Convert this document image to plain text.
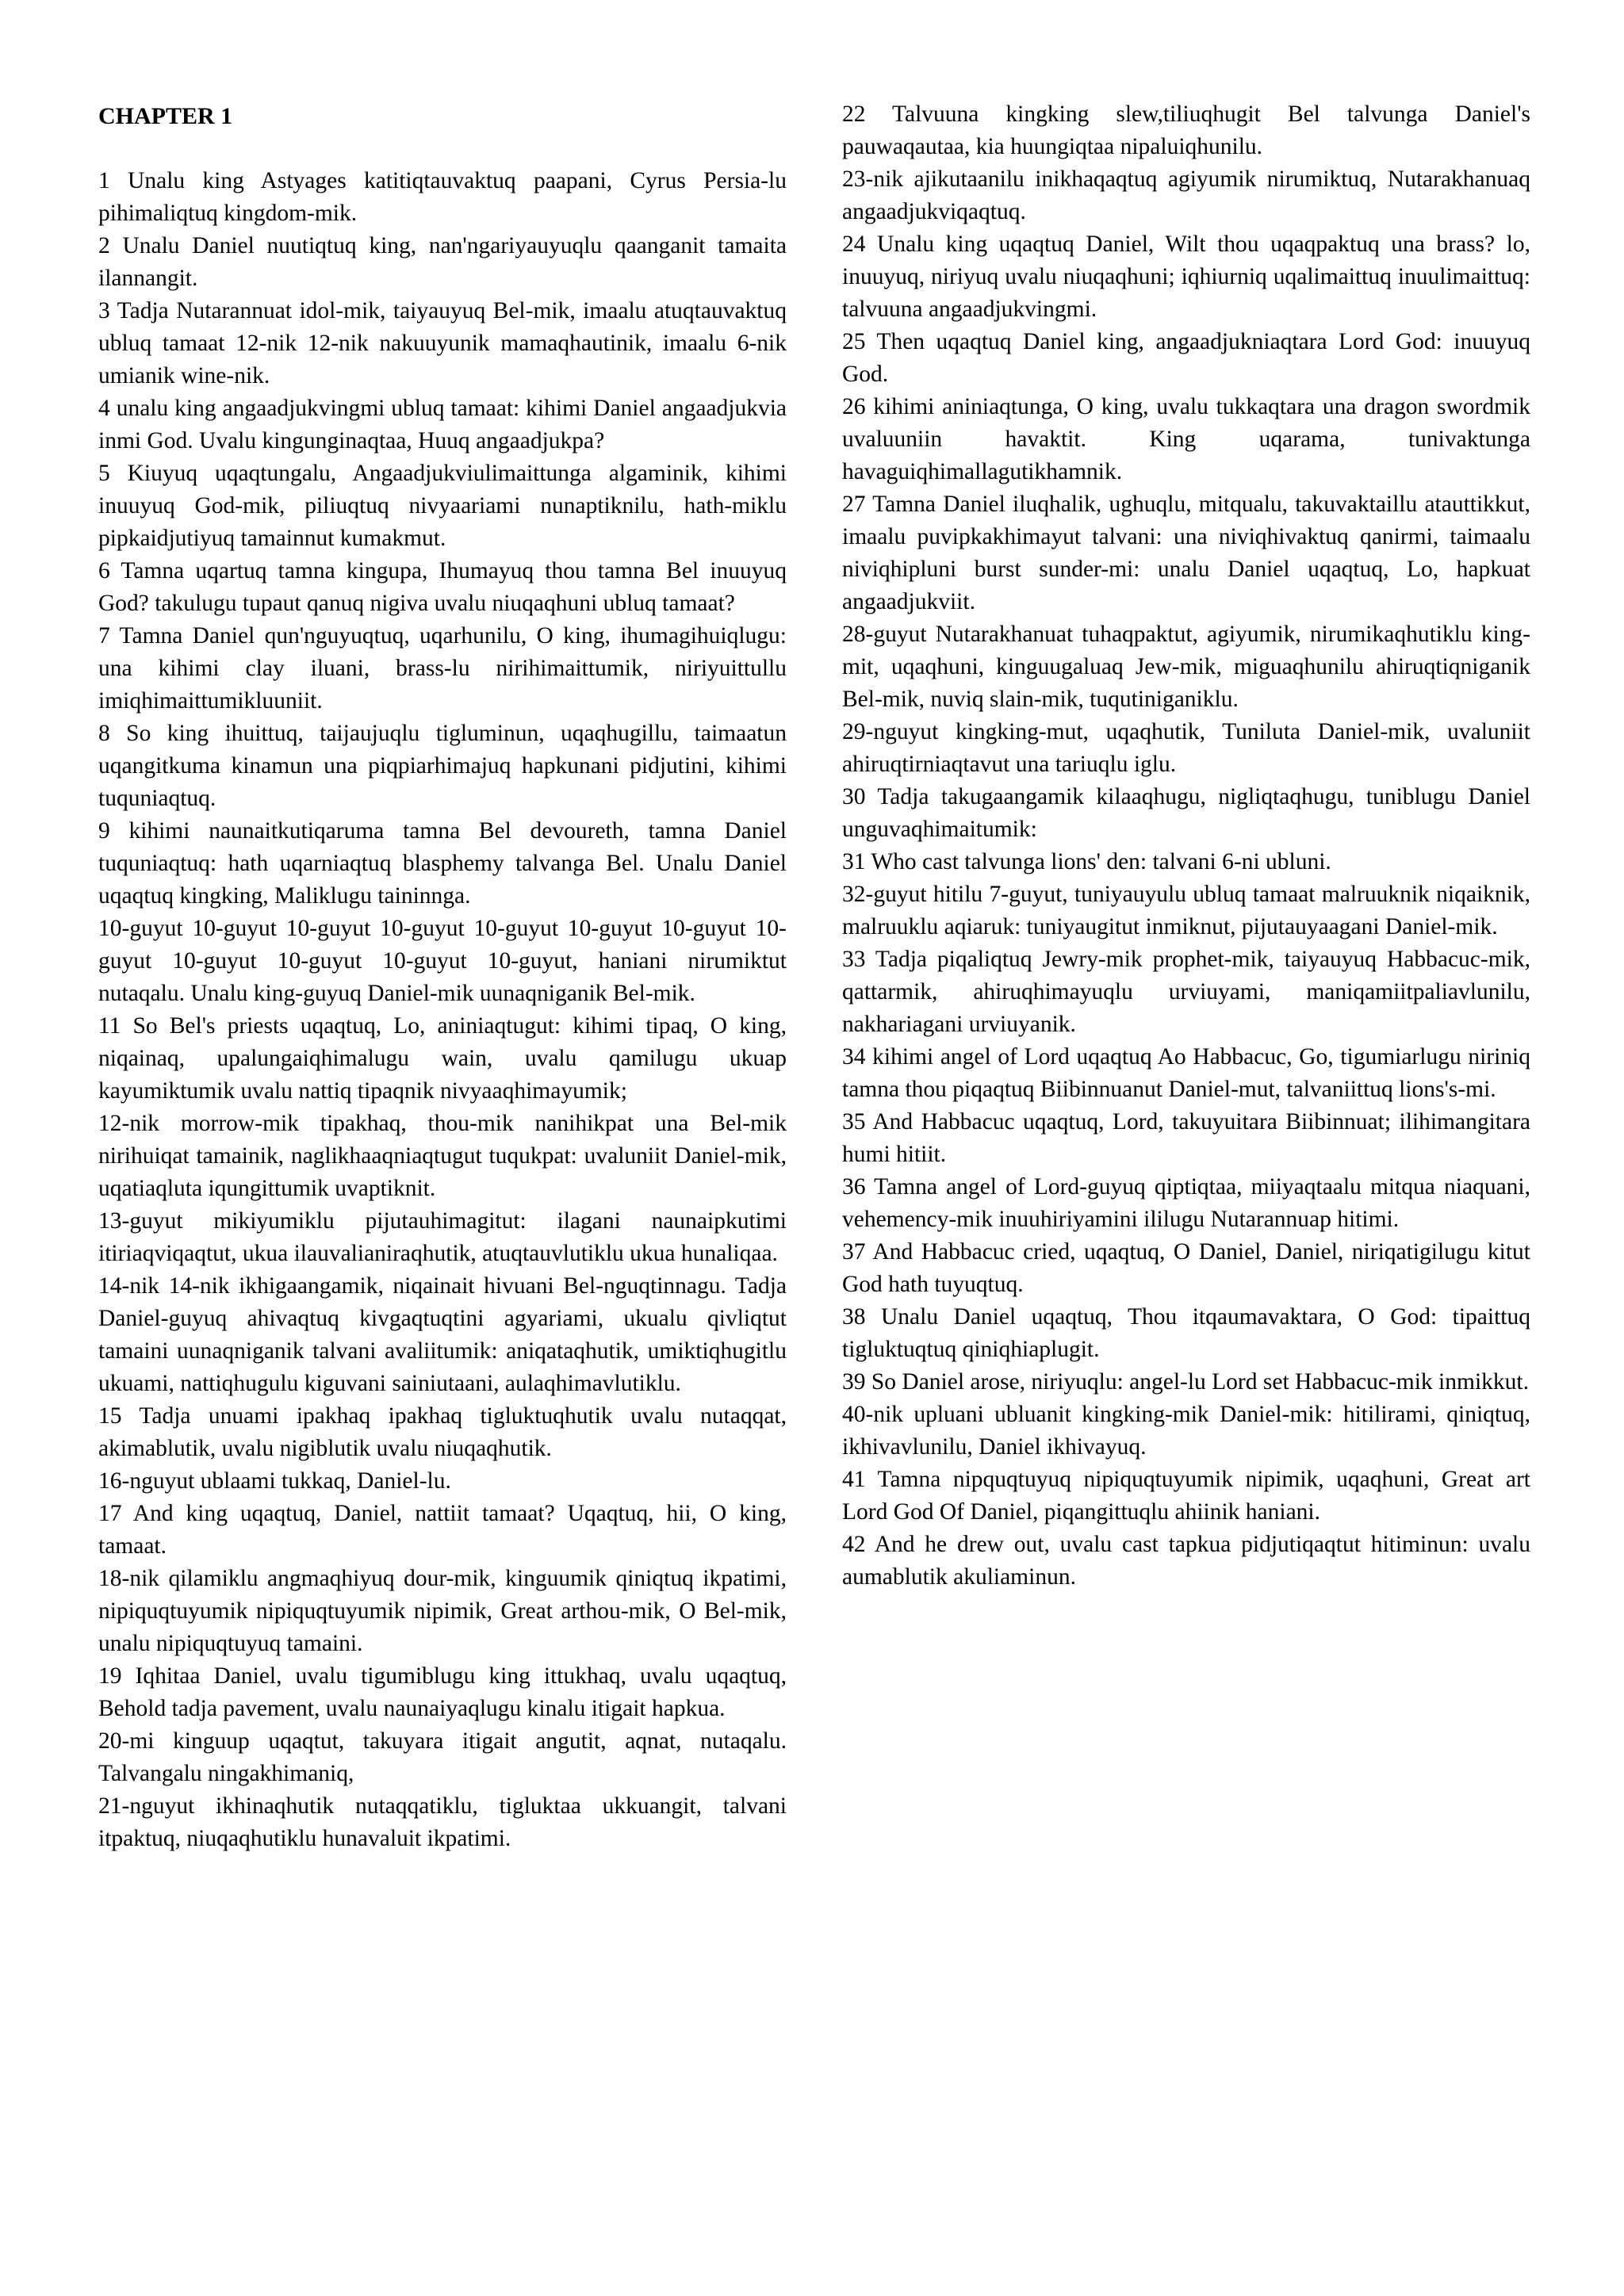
CHAPTER 1

1 Unalu king Astyages katitiqtauvaktuq paapani, Cyrus Persia-lu pihimaliqtuq kingdom-mik.

2 Unalu Daniel nuutiqtuq king, nan'ngariyauyuqlu qaanganit tamaita ilannangit.

3 Tadja Nutarannuat idol-mik, taiyauyuq Bel-mik, imaalu atuqtauvaktuq ubluq tamaat 12-nik 12-nik nakuuyunik mamaqhautinik, imaalu 6-nik umianik wine-nik.

4 unalu king angaadjukvingmi ubluq tamaat: kihimi Daniel angaadjukvia inmi God. Uvalu kingunginaqtaa, Huuq angaadjukpa?

5 Kiuyuq uqaqtungalu, Angaadjukviulimaittunga algaminik, kihimi inuuyuq God-mik, piliuqtuq nivyaariami nunaptiknilu, hath-miklu pipkaidjutiyuq tamainnut kumakmut.

6 Tamna uqartuq tamna kingupa, Ihumayuq thou tamna Bel inuuyuq God? takulugu tupaut qanuq nigiva uvalu niuqaqhuni ubluq tamaat?

7 Tamna Daniel qun'nguyuqtuq, uqarhunilu, O king, ihumagihuiqlugu: una kihimi clay iluani, brass-lu nirihimaittumik, niriyuittullu imiqhimaittumikluuniit.

8 So king ihuittuq, taijaujuqlu tigluminun, uqaqhugillu, taimaatun uqangitkuma kinamun una piqpiarhimajuq hapkunani pidjutini, kihimi tuquniaqtuq.

9 kihimi naunaitkutiqaruma tamna Bel devoureth, tamna Daniel tuquniaqtuq: hath uqarniaqtuq blasphemy talvanga Bel. Unalu Daniel uqaqtuq kingking, Maliklugu taininnga.

10-guyut 10-guyut 10-guyut 10-guyut 10-guyut 10-guyut 10-guyut 10-guyut 10-guyut 10-guyut 10-guyut 10-guyut, haniani nirumiktut nutaqalu. Unalu king-guyuq Daniel-mik uunaqniganik Bel-mik.

11 So Bel's priests uqaqtuq, Lo, aniniaqtugut: kihimi tipaq, O king, niqainaq, upalungaiqhimalugu wain, uvalu qamilugu ukuap kayumiktumik uvalu nattiq tipaqnik nivyaaqhimayumik;

12-nik morrow-mik tipakhaq, thou-mik nanihikpat una Bel-mik nirihuiqat tamainik, naglikhaaqniaqtugut tuqukpat: uvaluniit Daniel-mik, uqatiaqluta iqungittumik uvaptiknit.

13-guyut mikiyumiklu pijutauhimagitut: ilagani naunaipkutimi itiriaqviqaqtut, ukua ilauvalianiraqhutik, atuqtauvlutiklu ukua hunaliqaa.

14-nik 14-nik ikhigaangamik, niqainait hivuani Bel-nguqtinnagu. Tadja Daniel-guyuq ahivaqtuq kivgaqtuqtini agyariami, ukualu qivliqtut tamaini uunaqniganik talvani avaliitumik: aniqataqhutik, umiktiqhugitlu ukuami, nattiqhugulu kiguvani sainiutaani, aulaqhimavlutiklu.

15 Tadja unuami ipakhaq ipakhaq tigluktuqhutik uvalu nutaqqat, akimablutik, uvalu nigiblutik uvalu niuqaqhutik.

16-nguyut ublaami tukkaq, Daniel-lu.

17 And king uqaqtuq, Daniel, nattiit tamaat? Uqaqtuq, hii, O king, tamaat.

18-nik qilamiklu angmaqhiyuq dour-mik, kinguumik qiniqtuq ikpatimi, nipiquqtuyumik nipiquqtuyumik nipimik, Great arthou-mik, O Bel-mik, unalu nipiquqtuyuq tamaini.

19 Iqhitaa Daniel, uvalu tigumiblugu king ittukhaq, uvalu uqaqtuq, Behold tadja pavement, uvalu naunaiyaqlugu kinalu itigait hapkua.

20-mi kinguup uqaqtut, takuyara itigait angutit, aqnat, nutaqalu. Talvangalu ningakhimaniq,

21-nguyut ikhinaqhutik nutaqqatiklu, tigluktaa ukkuangit, talvani itpaktuq, niuqaqhutiklu hunavaluit ikpatimi.

22 Talvuuna kingking slew,tiliuqhugit Bel talvunga Daniel's pauwaqautaa, kia huungiqtaa nipaluiqhunilu.

23-nik ajikutaanilu inikhaqaqtuq agiyumik nirumiktuq, Nutarakhanuaq angaadjukviqaqtuq.

24 Unalu king uqaqtuq Daniel, Wilt thou uqaqpaktuq una brass? lo, inuuyuq, niriyuq uvalu niuqaqhuni; iqhiurniq uqalimaittuq inuulimaittuq: talvuuna angaadjukvingmi.

25 Then uqaqtuq Daniel king, angaadjukniaqtara Lord God: inuuyuq God.

26 kihimi aniniaqtunga, O king, uvalu tukkaqtara una dragon swordmik uvaluuniin havaktit. King uqarama, tunivaktunga havaguiqhimallagutikhamnik.

27 Tamna Daniel iluqhalik, ughuqlu, mitqualu, takuvaktaillu atauttikkut, imaalu puvipkakhimayut talvani: una niviqhivaktuq qanirmi, taimaalu niviqhipluni burst sunder-mi: unalu Daniel uqaqtuq, Lo, hapkuat angaadjukviit.

28-guyut Nutarakhanuat tuhaqpaktut, agiyumik, nirumikaqhutiklu king-mit, uqaqhuni, kinguugaluaq Jew-mik, miguaqhunilu ahiruqtiqniganik Bel-mik, nuviq slain-mik, tuqutiniganiklu.

29-nguyut kingking-mut, uqaqhutik, Tuniluta Daniel-mik, uvaluniit ahiruqtirniaqtavut una tariuqlu iglu.

30 Tadja takugaangamik kilaaqhugu, nigliqtaqhugu, tuniblugu Daniel unguvaqhimaitumik:

31 Who cast talvunga lions' den: talvani 6-ni ubluni.

32-guyut hitilu 7-guyut, tuniyauyulu ubluq tamaat malruuknik niqaiknik, malruuklu aqiaruk: tuniyaugitut inmiknut, pijutauyaagani Daniel-mik.

33 Tadja piqaliqtuq Jewry-mik prophet-mik, taiyauyuq Habbacuc-mik, qattarmik, ahiruqhimayuqlu urviuyami, maniqamiitpaliavlunilu, nakhariagani urviuyanik.

34 kihimi angel of Lord uqaqtuq Ao Habbacuc, Go, tigumiarlugu niriniq tamna thou piqaqtuq Biibinnuanut Daniel-mut, talvaniittuq lions's-mi.

35 And Habbacuc uqaqtuq, Lord, takuyuitara Biibinnuat; ilihimangitara humi hitiit.

36 Tamna angel of Lord-guyuq qiptiqtaa, miiyaqtaalu mitqua niaquani, vehemency-mik inuuhiriyamini ililugu Nutarannuap hitimi.

37 And Habbacuc cried, uqaqtuq, O Daniel, Daniel, niriqatigilugu kitut God hath tuyuqtuq.

38 Unalu Daniel uqaqtuq, Thou itqaumavaktara, O God: tipaittuq tigluktuqtuq qiniqhiaplugit.

39 So Daniel arose, niriyuqlu: angel-lu Lord set Habbacuc-mik inmikkut.

40-nik upluani ubluanit kingking-mik Daniel-mik: hitilirami, qiniqtuq, ikhivavlunilu, Daniel ikhivayuq.

41 Tamna nipquqtuyuq nipiquqtuyumik nipimik, uqaqhuni, Great art Lord God Of Daniel, piqangittuqlu ahiinik haniani.

42 And he drew out, uvalu cast tapkua pidjutiqaqtut hitiminun: uvalu aumablutik akuliaminun.
